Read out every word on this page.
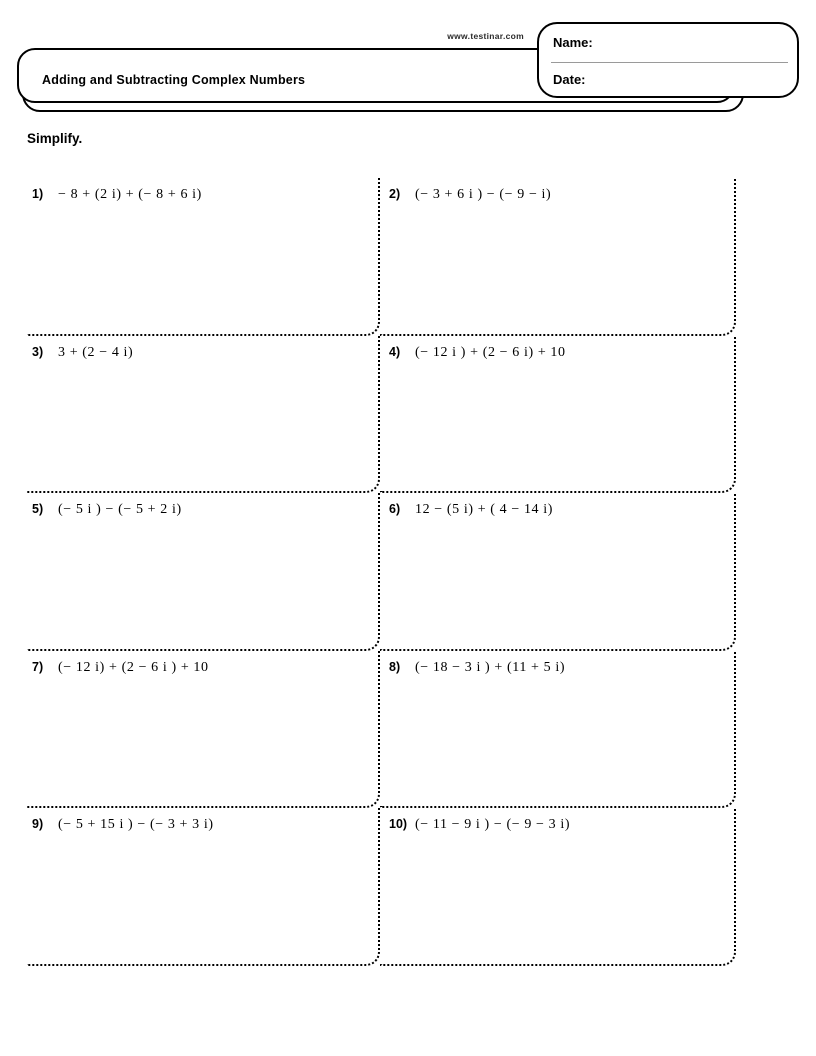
www.testinar.com
Adding and Subtracting Complex Numbers
Name:
Date:
Simplify.
1)	− 8 + (2 i) + (− 8 + 6 i)	2)	(− 3 + 6 i ) − (− 9 − i)
3)	3 + (2 − 4 i)	4)	(− 12 i ) + (2 − 6 i) + 10
5)	(− 5 i ) − (− 5 + 2 i)	6)	12 − (5 i) + ( 4 − 14 i)
7)	(− 12 i) + (2 − 6 i ) + 10	8)	(− 18 − 3 i ) + (11 + 5 i)
9)	(− 5 + 15 i ) − (− 3 + 3 i)	10) (− 11 − 9 i ) − (− 9 − 3 i)
